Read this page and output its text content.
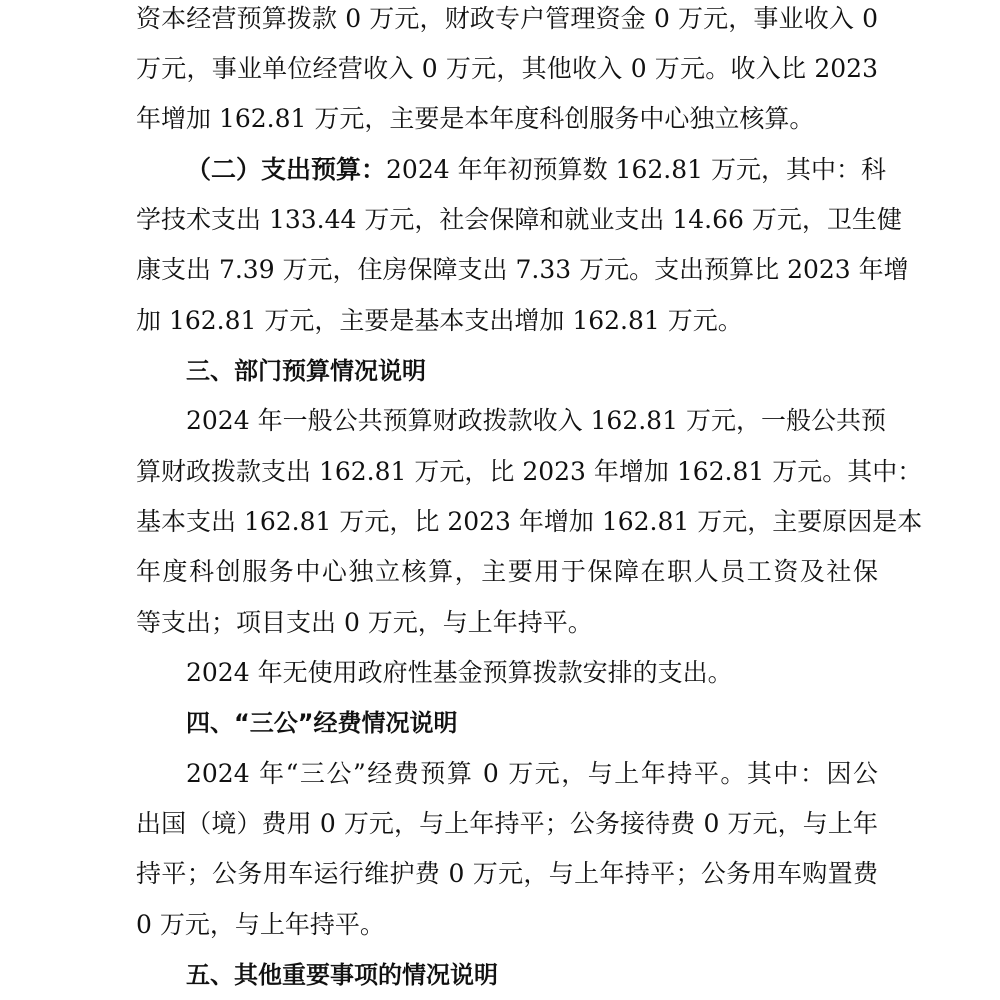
资本经营预算拨款 0 万元，财政专户管理资金 0 万元，事业收入 0
万元，事业单位经营收入 0 万元，其他收入 0 万元。收入比 2023
年增加 162.81 万元，主要是本年度科创服务中心独立核算。
（二）支出预算：2024 年年初预算数 162.81 万元，其中：科
学技术支出 133.44 万元，社会保障和就业支出 14.66 万元，卫生健
康支出 7.39 万元，住房保障支出 7.33 万元。支出预算比 2023 年增
加 162.81 万元，主要是基本支出增加 162.81 万元。
三、部门预算情况说明
2024 年一般公共预算财政拨款收入 162.81 万元，一般公共预
算财政拨款支出 162.81 万元，比 2023 年增加 162.81 万元。其中：
基本支出 162.81 万元，比 2023 年增加 162.81 万元，主要原因是本
年度科创服务中心独立核算，主要用于保障在职人员工资及社保
等支出；项目支出 0 万元，与上年持平。
2024 年无使用政府性基金预算拨款安排的支出。
四、“三公”经费情况说明
2024 年“三公”经费预算 0 万元，与上年持平。其中：因公
出国（境）费用 0 万元，与上年持平；公务接待费 0 万元，与上年
持平；公务用车运行维护费 0 万元，与上年持平；公务用车购置费
0 万元，与上年持平。
五、其他重要事项的情况说明
